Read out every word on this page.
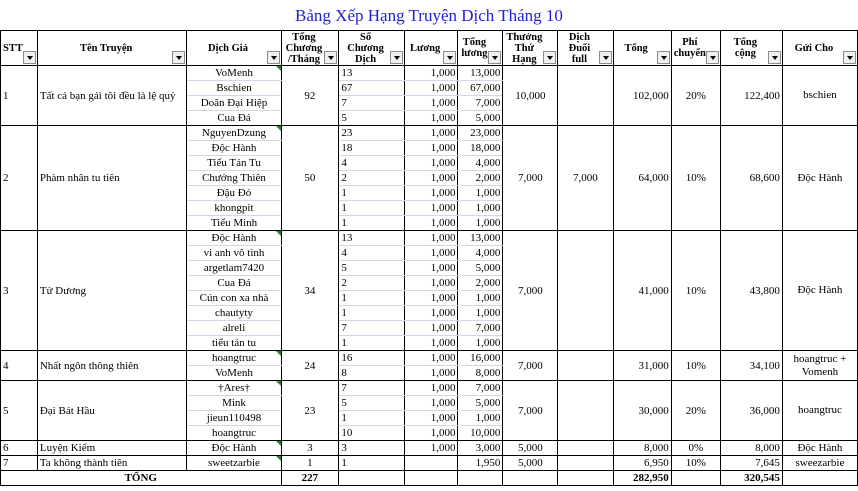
Bảng Xếp Hạng Truyện Dịch Tháng 10
STT	Tên Truyện	Dịch Giả	Tổng Chương /Tháng	Số Chương Dịch	Lương	Tổng lương	Thưởng Thứ Hạng	Dịch Đuổi full	Tổng	Phí chuyển	Tổng cộng	Gửi Cho

1	Tất cả bạn gái tôi đều là lệ quỷ	VoMenh	92	13	1,000	13,000	10,000		102,000	20%	122,400	bschien
		Bschien		67	1,000	67,000						
		Doãn Đại Hiệp		7	1,000	7,000						
		Cua Đá		5	1,000	5,000						
2	Phàm nhân tu tiên	NguyenDzung	50	23	1,000	23,000	7,000	7,000	64,000	10%	68,600	Độc Hành
		Độc Hành		18	1,000	18,000						
		Tiểu Tán Tu		4	1,000	4,000						
		Chưởng Thiên		2	1,000	2,000						
		Đậu Đỏ		1	1,000	1,000						
		khongpit		1	1,000	1,000						
		Tiểu Minh		1	1,000	1,000						
3	Tử Dương	Độc Hành	34	13	1,000	13,000	7,000		41,000	10%	43,800	Độc Hành
		vi anh vô tình		4	1,000	4,000						
		argetlam7420		5	1,000	5,000						
		Cua Đá		2	1,000	2,000						
		Cún con xa nhà		1	1,000	1,000						
		chautyty		1	1,000	1,000						
		alreli		7	1,000	7,000						
		tiểu tán tu		1	1,000	1,000						
4	Nhất ngôn thông thiên	hoangtruc	24	16	1,000	16,000	7,000		31,000	10%	34,100	hoangtruc + Vomenh
		VoMenh		8	1,000	8,000						
5	Đại Bát Hầu	†Ares†	23	7	1,000	7,000	7,000		30,000	20%	36,000	hoangtruc
		Mink		5	1,000	5,000						
		jieun110498		1	1,000	1,000						
		hoangtruc		10	1,000	10,000						
6	Luyện Kiếm	Độc Hành	3	3	1,000	3,000	5,000		8,000	0%	8,000	Độc Hành
7	Ta không thành tiên	sweetzarbie	1	1		1,950	5,000		6,950	10%	7,645	sweezarbie
TỔNG			227						282,950		320,545	
